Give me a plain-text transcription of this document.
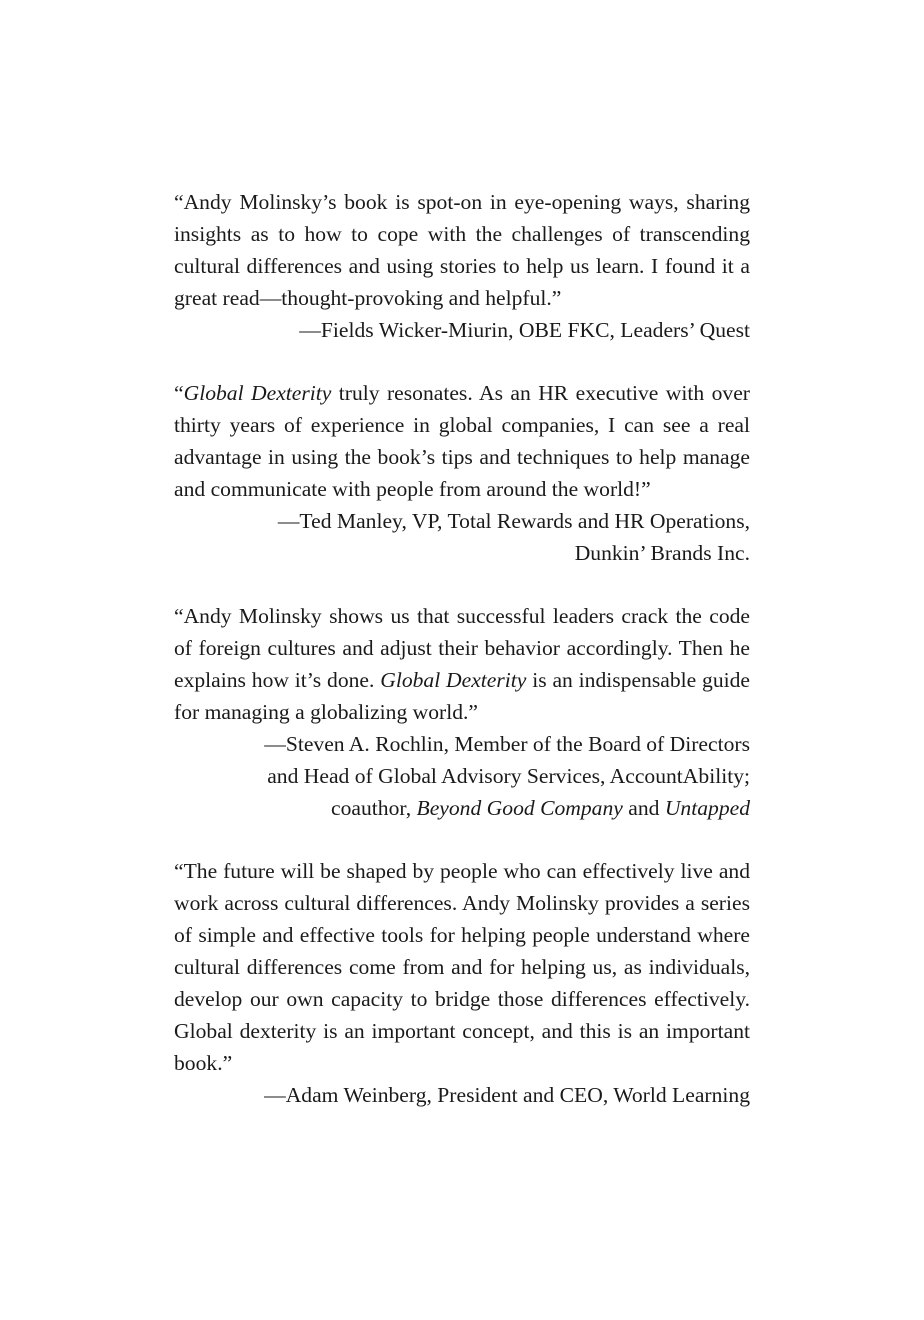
“Andy Molinsky’s book is spot-on in eye-opening ways, sharing insights as to how to cope with the challenges of transcending cultural differences and using stories to help us learn. I found it a great read—thought-provoking and helpful.”

—Fields Wicker-Miurin, OBE FKC, Leaders’ Quest

“Global Dexterity truly resonates. As an HR executive with over thirty years of experience in global companies, I can see a real advantage in using the book’s tips and techniques to help manage and communicate with people from around the world!”

—Ted Manley, VP, Total Rewards and HR Operations,

Dunkin’ Brands Inc.

“Andy Molinsky shows us that successful leaders crack the code of foreign cultures and adjust their behavior accordingly. Then he explains how it’s done. Global Dexterity is an indispensable guide for managing a globalizing world.”

—Steven A. Rochlin, Member of the Board of Directors

and Head of Global Advisory Services, AccountAbility;

coauthor, Beyond Good Company and Untapped

“The future will be shaped by people who can effectively live and work across cultural differences. Andy Molinsky provides a series of simple and effective tools for helping people understand where cultural differences come from and for helping us, as individuals, develop our own capacity to bridge those differences effectively. Global dexterity is an important concept, and this is an important book.”

—Adam Weinberg, President and CEO, World Learning
